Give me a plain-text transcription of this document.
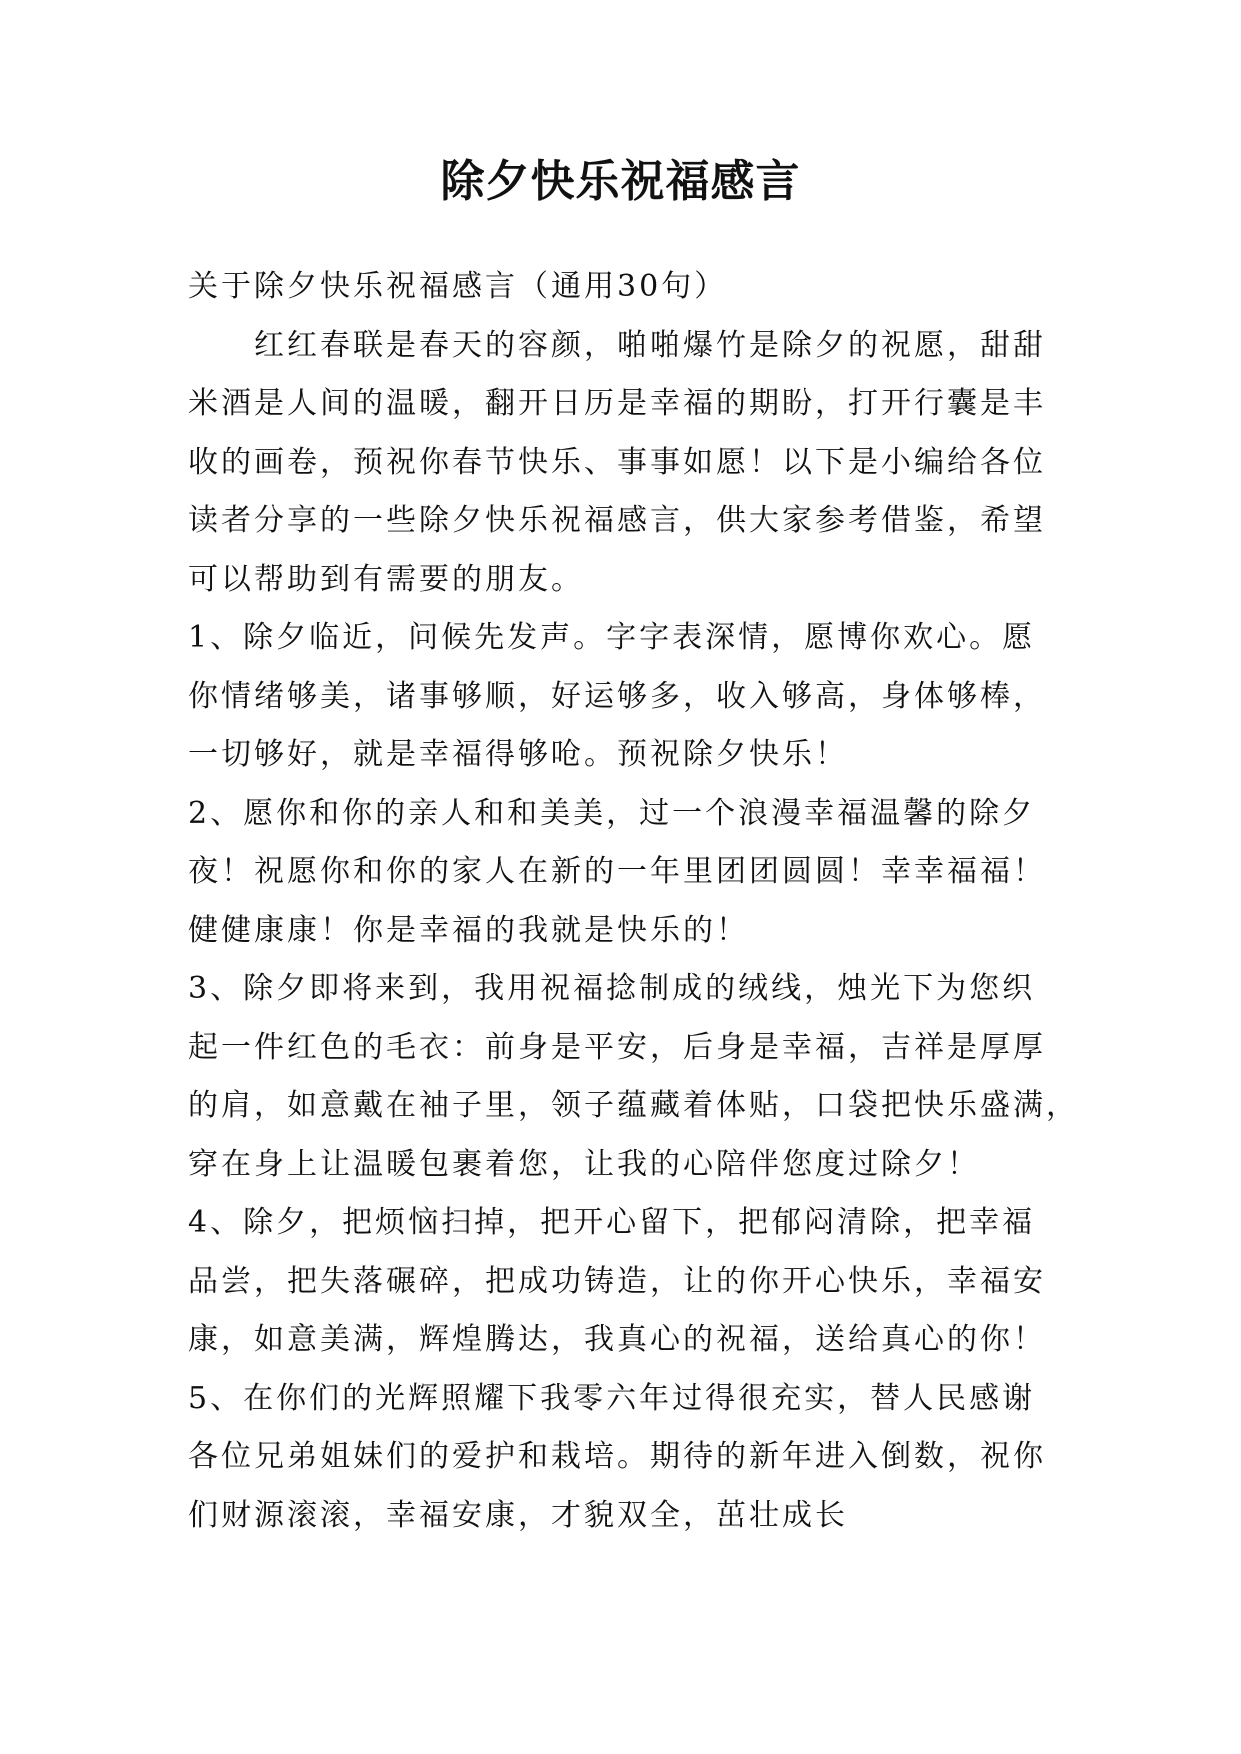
除夕快乐祝福感言
关于除夕快乐祝福感言（通用30句）
红红春联是春天的容颜，啪啪爆竹是除夕的祝愿，甜甜
米酒是人间的温暖，翻开日历是幸福的期盼，打开行囊是丰
收的画卷，预祝你春节快乐、事事如愿！以下是小编给各位
读者分享的一些除夕快乐祝福感言，供大家参考借鉴，希望
可以帮助到有需要的朋友。
1、除夕临近，问候先发声。字字表深情，愿博你欢心。愿
你情绪够美，诸事够顺，好运够多，收入够高，身体够棒，
一切够好，就是幸福得够呛。预祝除夕快乐！
2、愿你和你的亲人和和美美，过一个浪漫幸福温馨的除夕
夜！祝愿你和你的家人在新的一年里团团圆圆！幸幸福福！
健健康康！你是幸福的我就是快乐的！
3、除夕即将来到，我用祝福捻制成的绒线，烛光下为您织
起一件红色的毛衣：前身是平安，后身是幸福，吉祥是厚厚
的肩，如意戴在袖子里，领子蕴藏着体贴，口袋把快乐盛满，
穿在身上让温暖包裹着您，让我的心陪伴您度过除夕！
4、除夕，把烦恼扫掉，把开心留下，把郁闷清除，把幸福
品尝，把失落碾碎，把成功铸造，让的你开心快乐，幸福安
康，如意美满，辉煌腾达，我真心的祝福，送给真心的你！
5、在你们的光辉照耀下我零六年过得很充实，替人民感谢
各位兄弟姐妹们的爱护和栽培。期待的新年进入倒数，祝你
们财源滚滚，幸福安康，才貌双全，茁壮成长
